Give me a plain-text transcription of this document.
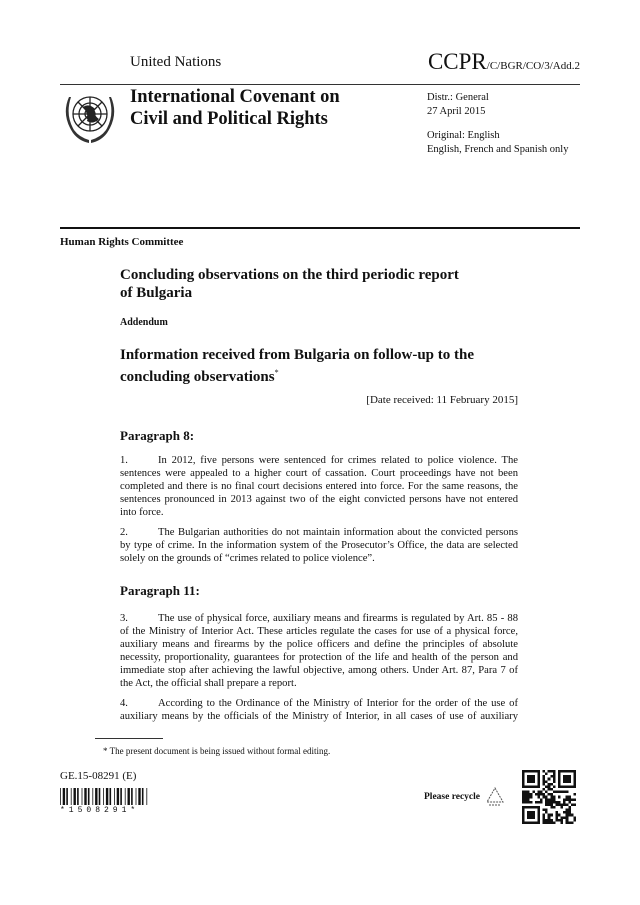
United Nations	CCPR/C/BGR/CO/3/Add.2
International Covenant on
Civil and Political Rights
Distr.: General
27 April 2015
Original: English
English, French and Spanish only
Human Rights Committee
Concluding observations on the third periodic report
of Bulgaria
Addendum
Information received from Bulgaria on follow-up to the
concluding observations*
[Date received: 11 February 2015]
Paragraph 8:
1.	In 2012, five persons were sentenced for crimes related to police violence. The sentences were appealed to a higher court of cassation. Court proceedings have not been completed and there is no final court decisions entered into force. For the same reasons, the sentences pronounced in 2013 against two of the eight convicted persons have not entered into force.
2.	The Bulgarian authorities do not maintain information about the convicted persons by type of crime. In the information system of the Prosecutor’s Office, the data are selected solely on the grounds of “crimes related to police violence”.
Paragraph 11:
3.	The use of physical force, auxiliary means and firearms is regulated by Art. 85 - 88 of the Ministry of Interior Act. These articles regulate the cases for use of a physical force, auxiliary means and firearms by the police officers and define the principles of absolute necessity, proportionality, guarantees for protection of the life and health of the person and immediate stop after achieving the lawful objective, among others. Under Art. 87, Para 7 of the Act, the official shall prepare a report.
4.	According to the Ordinance of the Ministry of Interior for the order of the use of auxiliary means by the officials of the Ministry of Interior, in all cases of use of auxiliary
* The present document is being issued without formal editing.
GE.15-08291 (E)
*1508291*
Please recycle
